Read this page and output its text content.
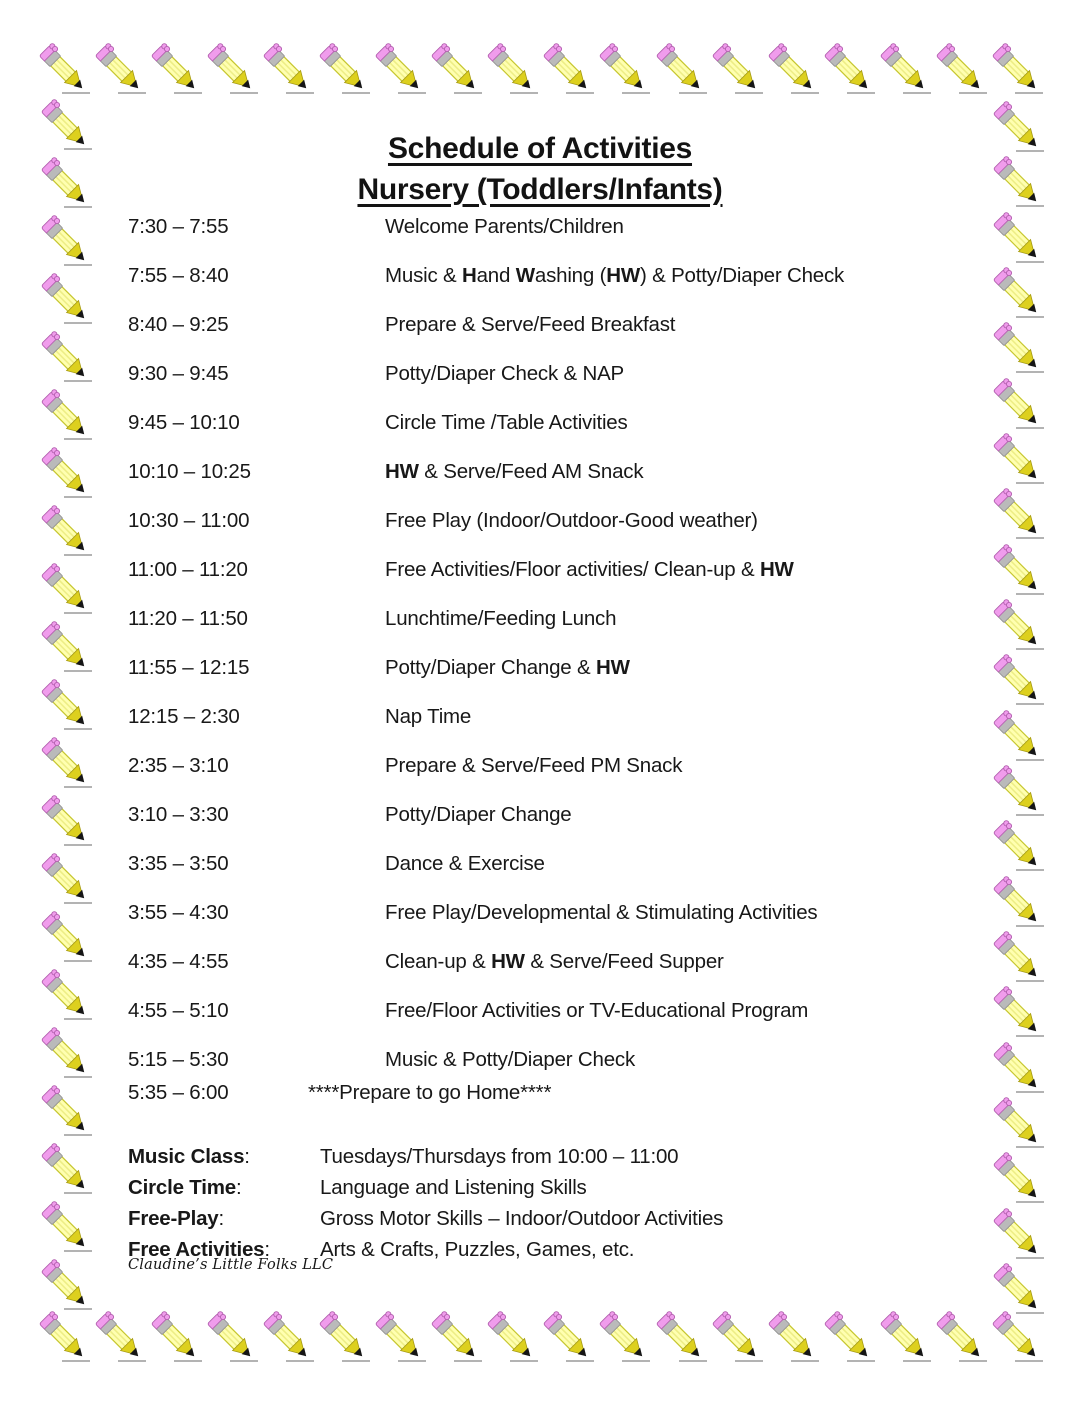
Schedule of Activities
Nursery (Toddlers/Infants)
7:30 – 7:55	Welcome Parents/Children
7:55 – 8:40	Music & Hand Washing (HW) & Potty/Diaper Check
8:40 – 9:25	Prepare & Serve/Feed Breakfast
9:30 – 9:45	Potty/Diaper Check & NAP
9:45 – 10:10	Circle Time /Table Activities
10:10 – 10:25	HW & Serve/Feed AM Snack
10:30 – 11:00	Free Play (Indoor/Outdoor-Good weather)
11:00 – 11:20	Free Activities/Floor activities/ Clean-up & HW
11:20 – 11:50	Lunchtime/Feeding Lunch
11:55 – 12:15	Potty/Diaper Change & HW
12:15 – 2:30	Nap Time
2:35 – 3:10	Prepare & Serve/Feed PM Snack
3:10 – 3:30	Potty/Diaper Change
3:35 – 3:50	Dance & Exercise
3:55 – 4:30	Free Play/Developmental & Stimulating Activities
4:35 – 4:55	Clean-up & HW & Serve/Feed Supper
4:55 – 5:10	Free/Floor Activities or TV-Educational Program
5:15 – 5:30	Music & Potty/Diaper Check
5:35 – 6:00	****Prepare to go Home****
Music Class:	Tuesdays/Thursdays from 10:00 – 11:00
Circle Time:	Language and Listening Skills
Free-Play:	Gross Motor Skills – Indoor/Outdoor Activities
Free Activities:	Arts & Crafts, Puzzles, Games, etc.
Claudine’s Little Folks LLC
